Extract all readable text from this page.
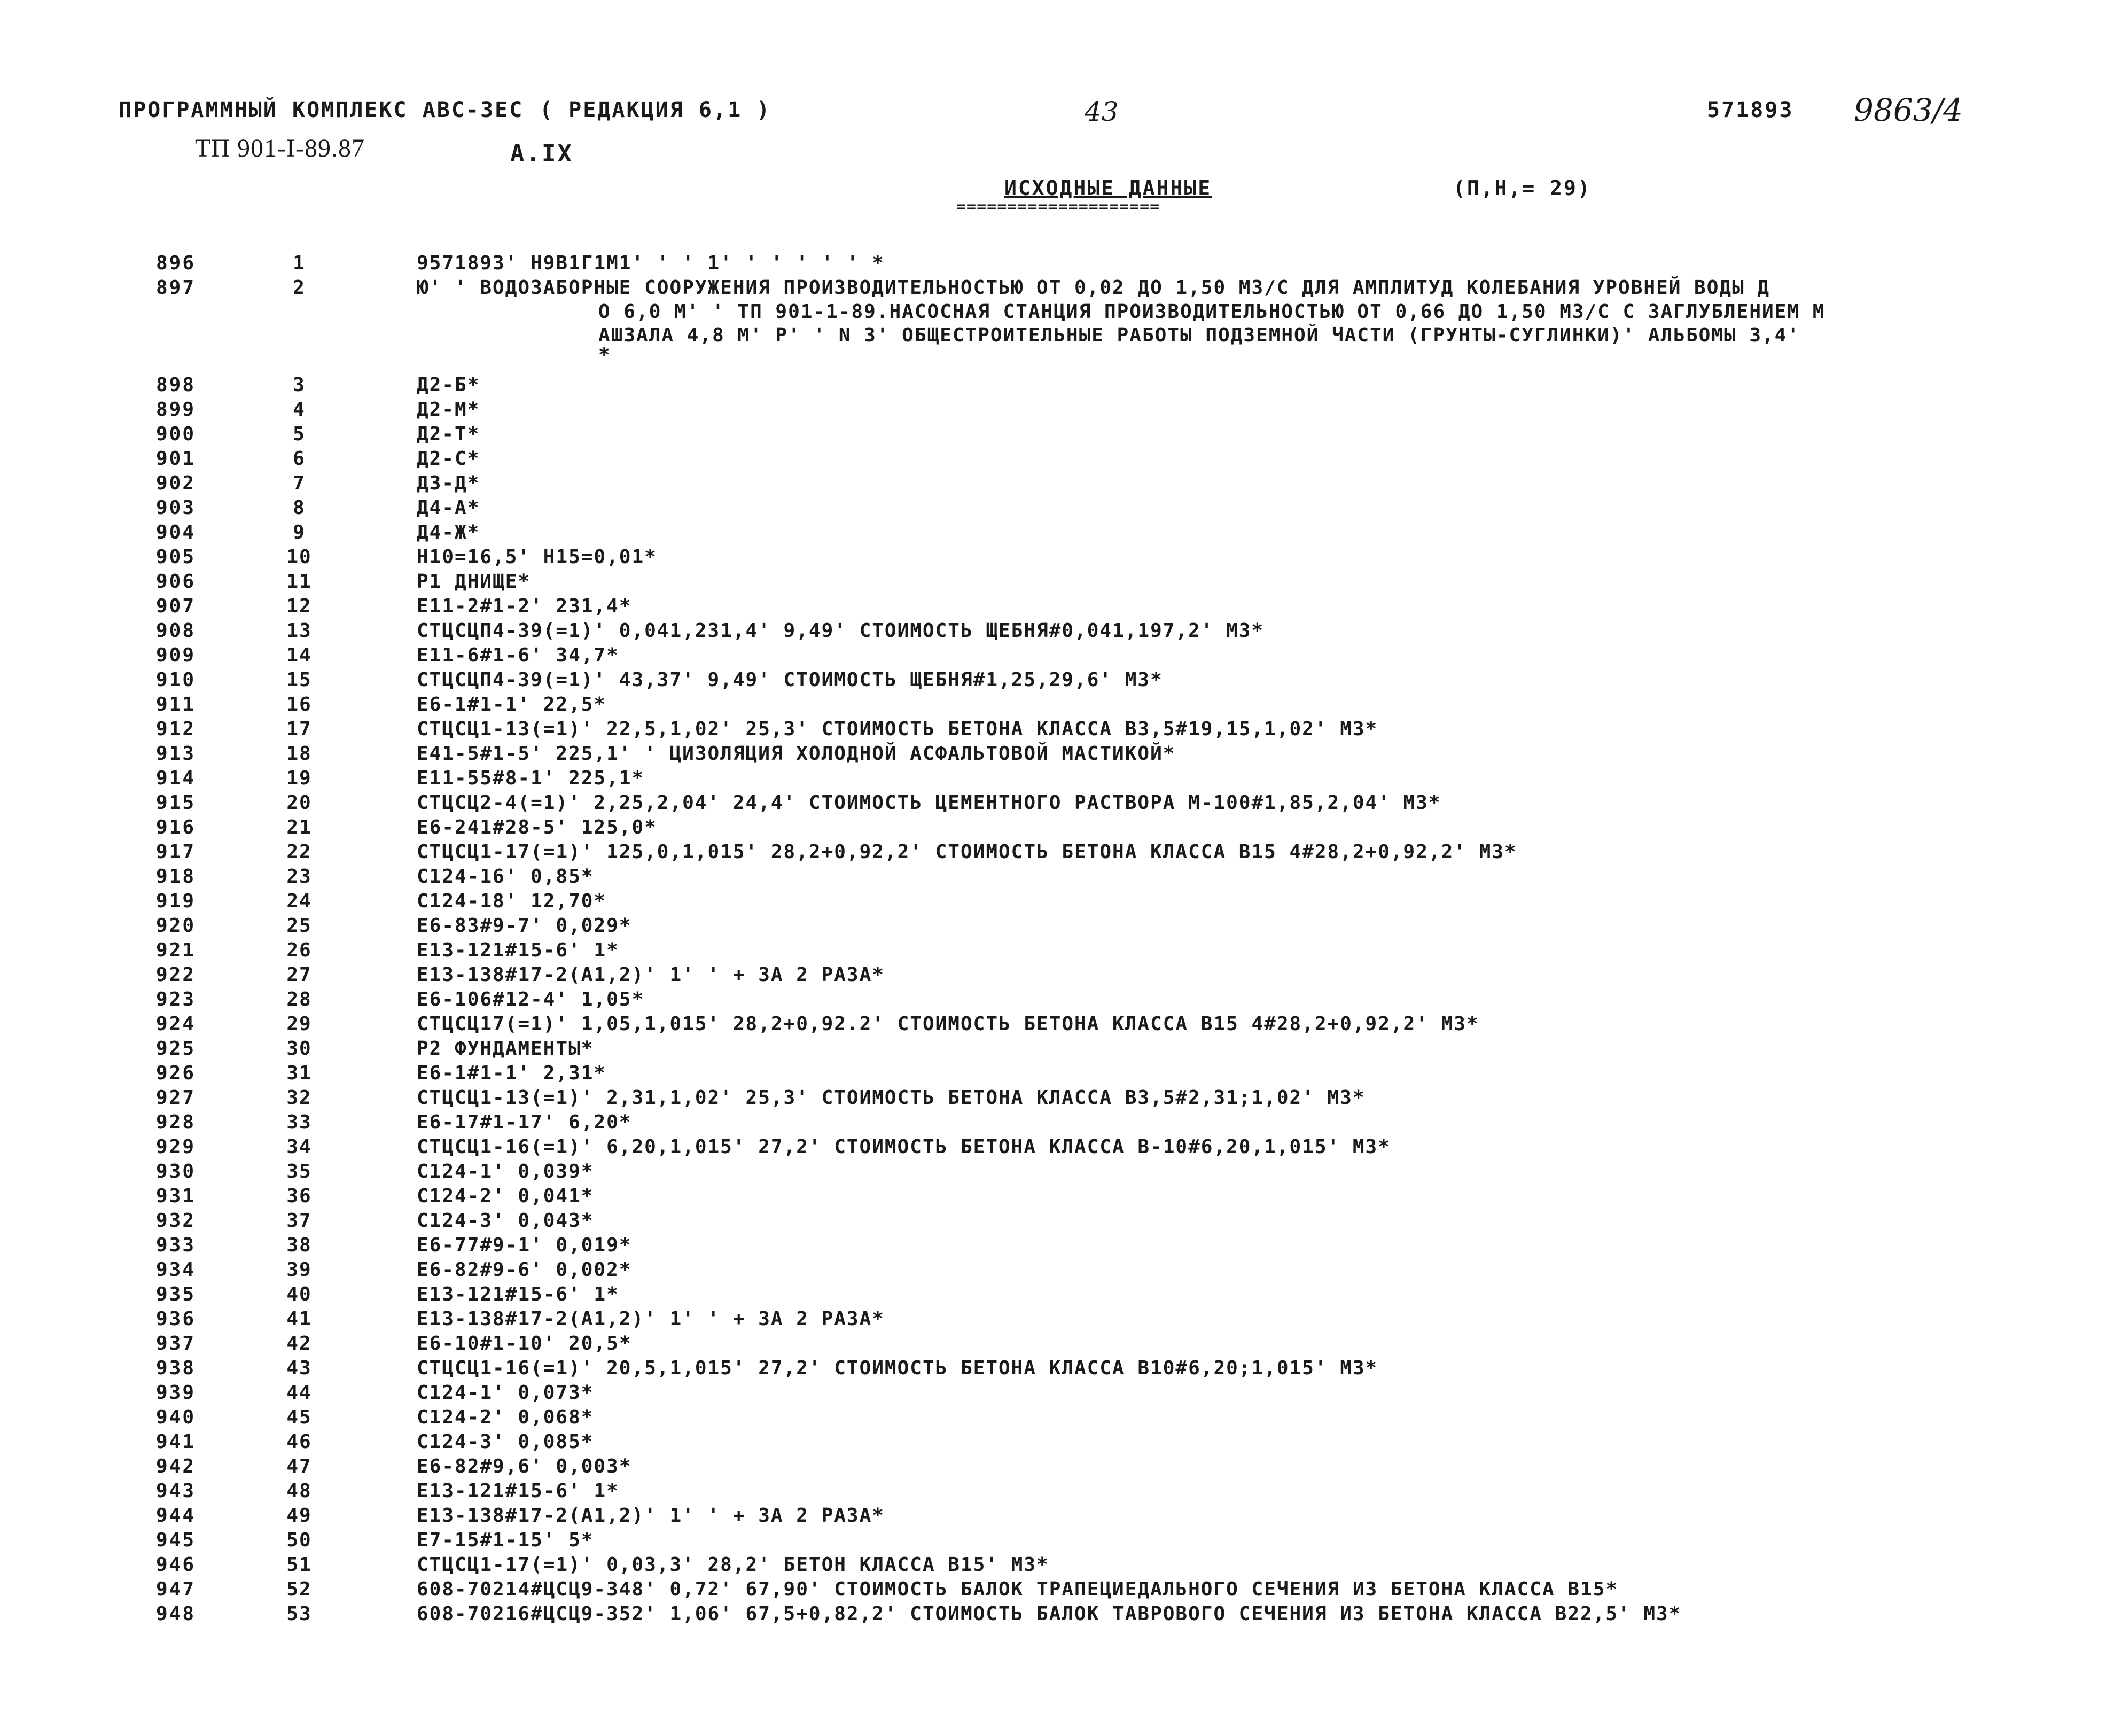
ПРОГРАММНЫЙ КОМПЛЕКС АВС-3ЕС ( РЕДАКЦИЯ 6,1 )	43	571893 9863/4
ТП 901-I-89.87	А.IX
ИСХОДНЫЕ ДАННЫЕ
====================
(П,Н,= 29)
896	1	9571893' Н9В1Г1М1' ' ' 1' ' ' ' ' ' *
897	2	Ю' ' ВОДОЗАБОРНЫЕ СООРУЖЕНИЯ ПРОИЗВОДИТЕЛЬНОСТЬЮ ОТ 0,02 ДО 1,50 М3/С ДЛЯ АМПЛИТУД КОЛЕБАНИЯ УРОВНЕЙ ВОДЫ Д
О 6,0 М' ' ТП 901-1-89.НАСОСНАЯ СТАНЦИЯ ПРОИЗВОДИТЕЛЬНОСТЬЮ ОТ 0,66 ДО 1,50 М3/С С ЗАГЛУБЛЕНИЕМ М
АШЗАЛА 4,8 М' Р' ' N 3' ОБЩЕСТРОИТЕЛЬНЫЕ РАБОТЫ ПОДЗЕМНОЙ ЧАСТИ (ГРУНТЫ-СУГЛИНКИ)' АЛЬБОМЫ 3,4'
*
898	3	Д2-Б*
899	4	Д2-М*
900	5	Д2-Т*
901	6	Д2-С*
902	7	Д3-Д*
903	8	Д4-А*
904	9	Д4-Ж*
905	10	Н10=16,5' Н15=0,01*
906	11	Р1 ДНИЩЕ*
907	12	Е11-2#1-2' 231,4*
908	13	СТЦСЦП4-39(=1)' 0,041,231,4' 9,49' СТОИМОСТЬ ЩЕБНЯ#0,041,197,2' М3*
909	14	Е11-6#1-6' 34,7*
910	15	СТЦСЦП4-39(=1)' 43,37' 9,49' СТОИМОСТЬ ЩЕБНЯ#1,25,29,6' М3*
911	16	Е6-1#1-1' 22,5*
912	17	СТЦСЦ1-13(=1)' 22,5,1,02' 25,3' СТОИМОСТЬ БЕТОНА КЛАССА В3,5#19,15,1,02' М3*
913	18	Е41-5#1-5' 225,1' ' ЦИЗОЛЯЦИЯ ХОЛОДНОЙ АСФАЛЬТОВОЙ МАСТИКОЙ*
914	19	Е11-55#8-1' 225,1*
915	20	СТЦСЦ2-4(=1)' 2,25,2,04' 24,4' СТОИМОСТЬ ЦЕМЕНТНОГО РАСТВОРА М-100#1,85,2,04' М3*
916	21	Е6-241#28-5' 125,0*
917	22	СТЦСЦ1-17(=1)' 125,0,1,015' 28,2+0,92,2' СТОИМОСТЬ БЕТОНА КЛАССА В15 4#28,2+0,92,2' М3*
918	23	С124-16' 0,85*
919	24	С124-18' 12,70*
920	25	Е6-83#9-7' 0,029*
921	26	Е13-121#15-6' 1*
922	27	Е13-138#17-2(А1,2)' 1' ' + ЗА 2 РАЗА*
923	28	Е6-106#12-4' 1,05*
924	29	СТЦСЦ17(=1)' 1,05,1,015' 28,2+0,92.2' СТОИМОСТЬ БЕТОНА КЛАССА В15 4#28,2+0,92,2' М3*
925	30	Р2 ФУНДАМЕНТЫ*
926	31	Е6-1#1-1' 2,31*
927	32	СТЦСЦ1-13(=1)' 2,31,1,02' 25,3' СТОИМОСТЬ БЕТОНА КЛАССА В3,5#2,31;1,02' М3*
928	33	Е6-17#1-17' 6,20*
929	34	СТЦСЦ1-16(=1)' 6,20,1,015' 27,2' СТОИМОСТЬ БЕТОНА КЛАССА В-10#6,20,1,015' М3*
930	35	С124-1' 0,039*
931	36	С124-2' 0,041*
932	37	С124-3' 0,043*
933	38	Е6-77#9-1' 0,019*
934	39	Е6-82#9-6' 0,002*
935	40	Е13-121#15-6' 1*
936	41	Е13-138#17-2(А1,2)' 1' ' + ЗА 2 РАЗА*
937	42	Е6-10#1-10' 20,5*
938	43	СТЦСЦ1-16(=1)' 20,5,1,015' 27,2' СТОИМОСТЬ БЕТОНА КЛАССА В10#6,20;1,015' М3*
939	44	С124-1' 0,073*
940	45	С124-2' 0,068*
941	46	С124-3' 0,085*
942	47	Е6-82#9,6' 0,003*
943	48	Е13-121#15-6' 1*
944	49	Е13-138#17-2(А1,2)' 1' ' + ЗА 2 РАЗА*
945	50	Е7-15#1-15' 5*
946	51	СТЦСЦ1-17(=1)' 0,03,3' 28,2' БЕТОН КЛАССА В15' М3*
947	52	608-70214#ЦСЦ9-348' 0,72' 67,90' СТОИМОСТЬ БАЛОК ТРАПЕЦИЕДАЛЬНОГО СЕЧЕНИЯ ИЗ БЕТОНА КЛАССА В15*
948	53	608-70216#ЦСЦ9-352' 1,06' 67,5+0,82,2' СТОИМОСТЬ БАЛОК ТАВРОВОГО СЕЧЕНИЯ ИЗ БЕТОНА КЛАССА В22,5' М3*
